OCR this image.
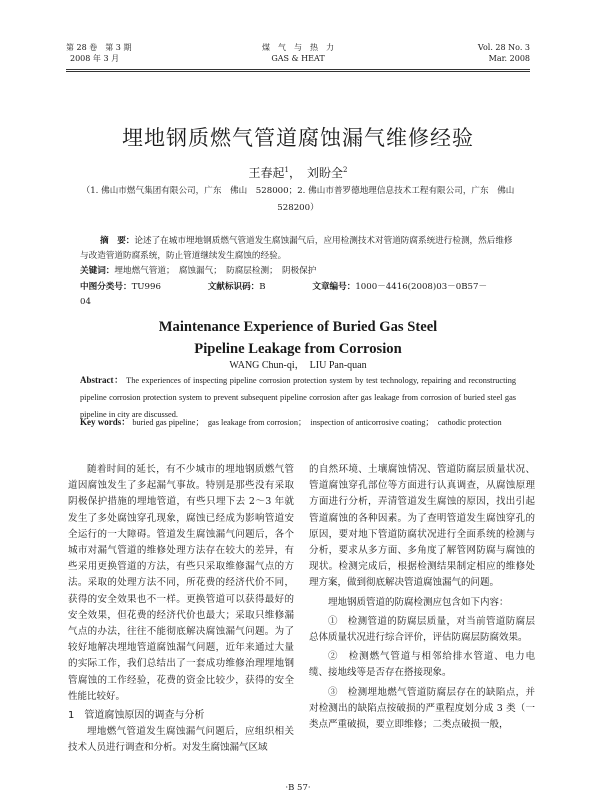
第 28 卷　第 3 期
2008 年 3 月
煤　气　与　热　力
GAS & HEAT
Vol. 28 No. 3
Mar. 2008
埋地钢质燃气管道腐蚀漏气维修经验
王春起$^1$，　刘盼全$^2$
（1. 佛山市燃气集团有限公司，广东　佛山　528000；2. 佛山市普罗德地理信息技术工程有限公司，广东　佛山　528200）
摘　要：论述了在城市埋地钢质燃气管道发生腐蚀漏气后，应用检测技术对管道防腐系统进行检测，然后维修与改造管道防腐系统，防止管道继续发生腐蚀的经验。
关键词：埋地燃气管道；　腐蚀漏气；　防腐层检测；　阴极保护
中图分类号：TU996	文献标识码：B	文章编号：1000－4416(2008)03－0B57－04
Maintenance Experience of Buried Gas Steel Pipeline Leakage from Corrosion
WANG Chun-qi，　LIU Pan-quan
Abstract： The experiences of inspecting pipeline corrosion protection system by test technology, repairing and reconstructing pipeline corrosion protection system to prevent subsequent pipeline corrosion after gas leakage from corrosion of buried steel gas pipeline in city are discussed.
Key words： buried gas pipeline；　gas leakage from corrosion；　inspection of anticorrosive coating；　cathodic protection

随着时间的延长，有不少城市的埋地钢质燃气管道因腐蚀发生了多起漏气事故。特别是那些没有采取阴极保护措施的埋地管道，有些只埋下去 2～3 年就发生了多处腐蚀穿孔现象，腐蚀已经成为影响管道安全运行的一大障碍。管道发生腐蚀漏气问题后，各个城市对漏气管道的维修处理方法存在较大的差异，有些采用更换管道的方法，有些只采取维修漏气点的方法。采取的处理方法不同，所花费的经济代价不同，获得的安全效果也不一样。更换管道可以获得最好的安全效果，但花费的经济代价也最大；采取只维修漏气点的办法，往往不能彻底解决腐蚀漏气问题。为了较好地解决埋地管道腐蚀漏气问题，近年来通过大量的实际工作，我们总结出了一套成功维修治理埋地钢管腐蚀的工作经验，花费的资金比较少，获得的安全性能比较好。

1　管道腐蚀原因的调查与分析

埋地燃气管道发生腐蚀漏气问题后，应组织相关技术人员进行调查和分析。对发生腐蚀漏气区域

的自然环境、土壤腐蚀情况、管道防腐层质量状况、管道腐蚀穿孔部位等方面进行认真调查，从腐蚀原理方面进行分析，弄清管道发生腐蚀的原因，找出引起管道腐蚀的各种因素。为了查明管道发生腐蚀穿孔的原因，要对地下管道防腐状况进行全面系统的检测与分析，要求从多方面、多角度了解管网防腐与腐蚀的现状。检测完成后，根据检测结果制定相应的维修处理方案，做到彻底解决管道腐蚀漏气的问题。

埋地钢质管道的防腐检测应包含如下内容：

①　检测管道的防腐层质量，对当前管道防腐层总体质量状况进行综合评价，评估防腐层防腐效果。

②　检测燃气管道与相邻给排水管道、电力电缆、接地线等是否存在搭接现象。

③　检测埋地燃气管道防腐层存在的缺陷点，并对检测出的缺陷点按破损的严重程度划分成 3 类（一类点严重破损，要立即维修；二类点破损一般，

·B 57·
